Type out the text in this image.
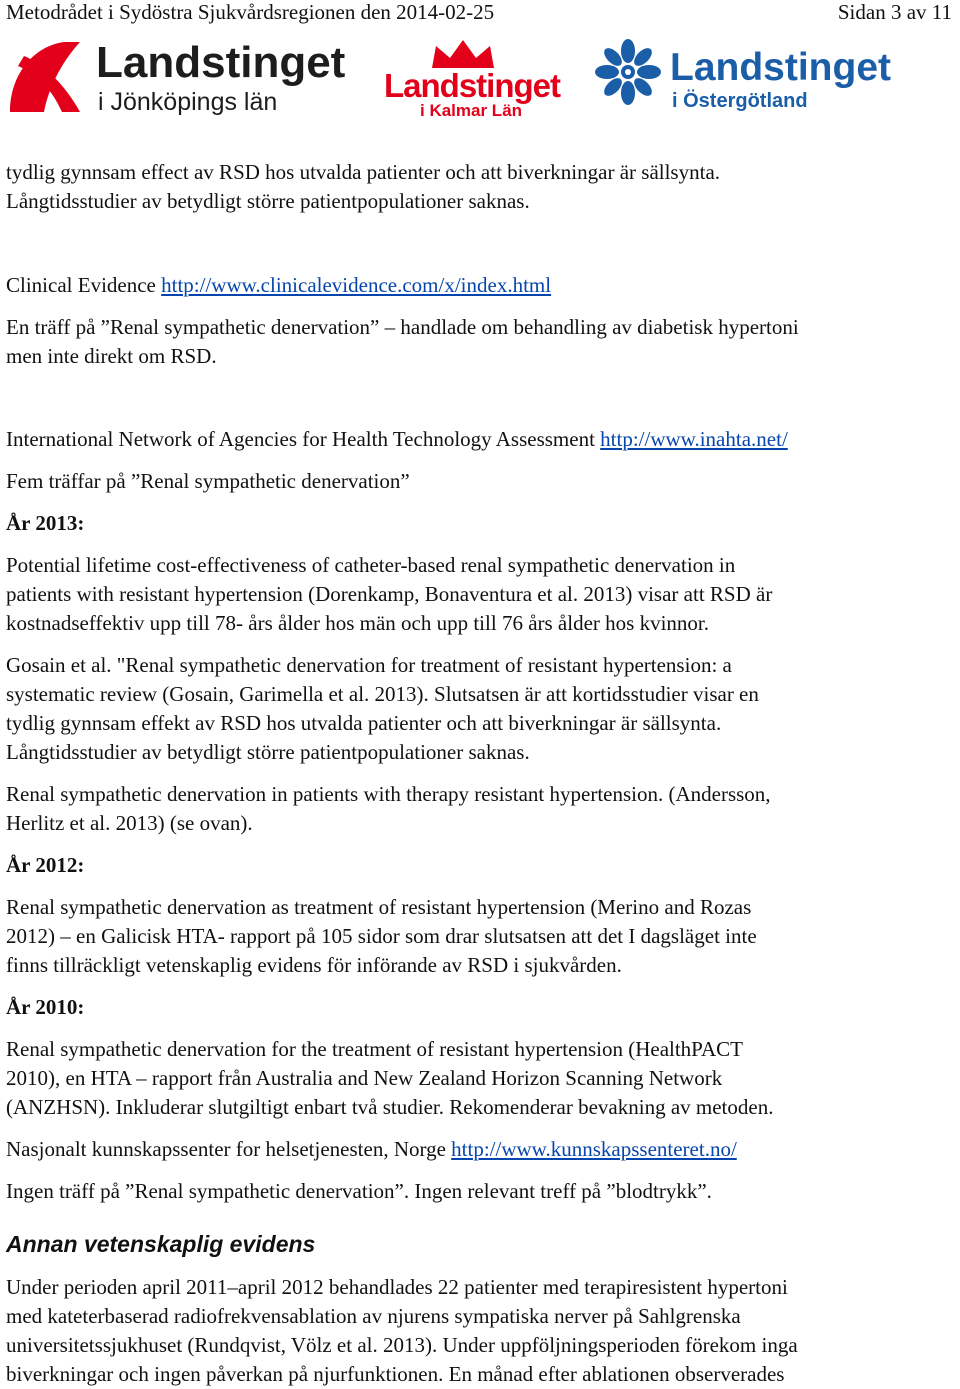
Metodrådet i Sydöstra Sjukvårdsregionen den 2014-02-25	Sidan 3 av 11
Landstinget
i Jönköpings län	Landstinget
i Kalmar Län
Landstinget
i Östergötland
tydlig gynnsam effect av RSD hos utvalda patienter och att biverkningar är sällsynta.
Långtidsstudier av betydligt större patientpopulationer saknas.
Clinical Evidence http://www.clinicalevidence.com/x/index.html
En träff på ”Renal sympathetic denervation” – handlade om behandling av diabetisk hypertoni
men inte direkt om RSD.
International Network of Agencies for Health Technology Assessment http://www.inahta.net/
Fem träffar på ”Renal sympathetic denervation”
År 2013:
Potential lifetime cost-effectiveness of catheter-based renal sympathetic denervation in
patients with resistant hypertension (Dorenkamp, Bonaventura et al. 2013) visar att RSD är
kostnadseffektiv upp till 78- års ålder hos män och upp till 76 års ålder hos kvinnor.
Gosain et al. "Renal sympathetic denervation for treatment of resistant hypertension: a
systematic review (Gosain, Garimella et al. 2013). Slutsatsen är att kortidsstudier visar en
tydlig gynnsam effekt av RSD hos utvalda patienter och att biverkningar är sällsynta.
Långtidsstudier av betydligt större patientpopulationer saknas.
Renal sympathetic denervation in patients with therapy resistant hypertension. (Andersson,
Herlitz et al. 2013) (se ovan).
År 2012:
Renal sympathetic denervation as treatment of resistant hypertension (Merino and Rozas
2012) – en Galicisk HTA- rapport på 105 sidor som drar slutsatsen att det I dagsläget inte
finns tillräckligt vetenskaplig evidens för införande av RSD i sjukvården.
År 2010:
Renal sympathetic denervation for the treatment of resistant hypertension (HealthPACT
2010), en HTA – rapport från Australia and New Zealand Horizon Scanning Network
(ANZHSN). Inkluderar slutgiltigt enbart två studier. Rekomenderar bevakning av metoden.
Nasjonalt kunnskapssenter for helsetjenesten, Norge http://www.kunnskapssenteret.no/
Ingen träff på ”Renal sympathetic denervation”. Ingen relevant treff på ”blodtrykk”.
Annan vetenskaplig evidens
Under perioden april 2011–april 2012 behandlades 22 patienter med terapiresistent hypertoni
med kateterbaserad radiofrekvensablation av njurens sympatiska nerver på Sahlgrenska
universitetssjukhuset (Rundqvist, Völz et al. 2013). Under uppföljningsperioden förekom inga
biverkningar och ingen påverkan på njurfunktionen. En månad efter ablationen observerades
